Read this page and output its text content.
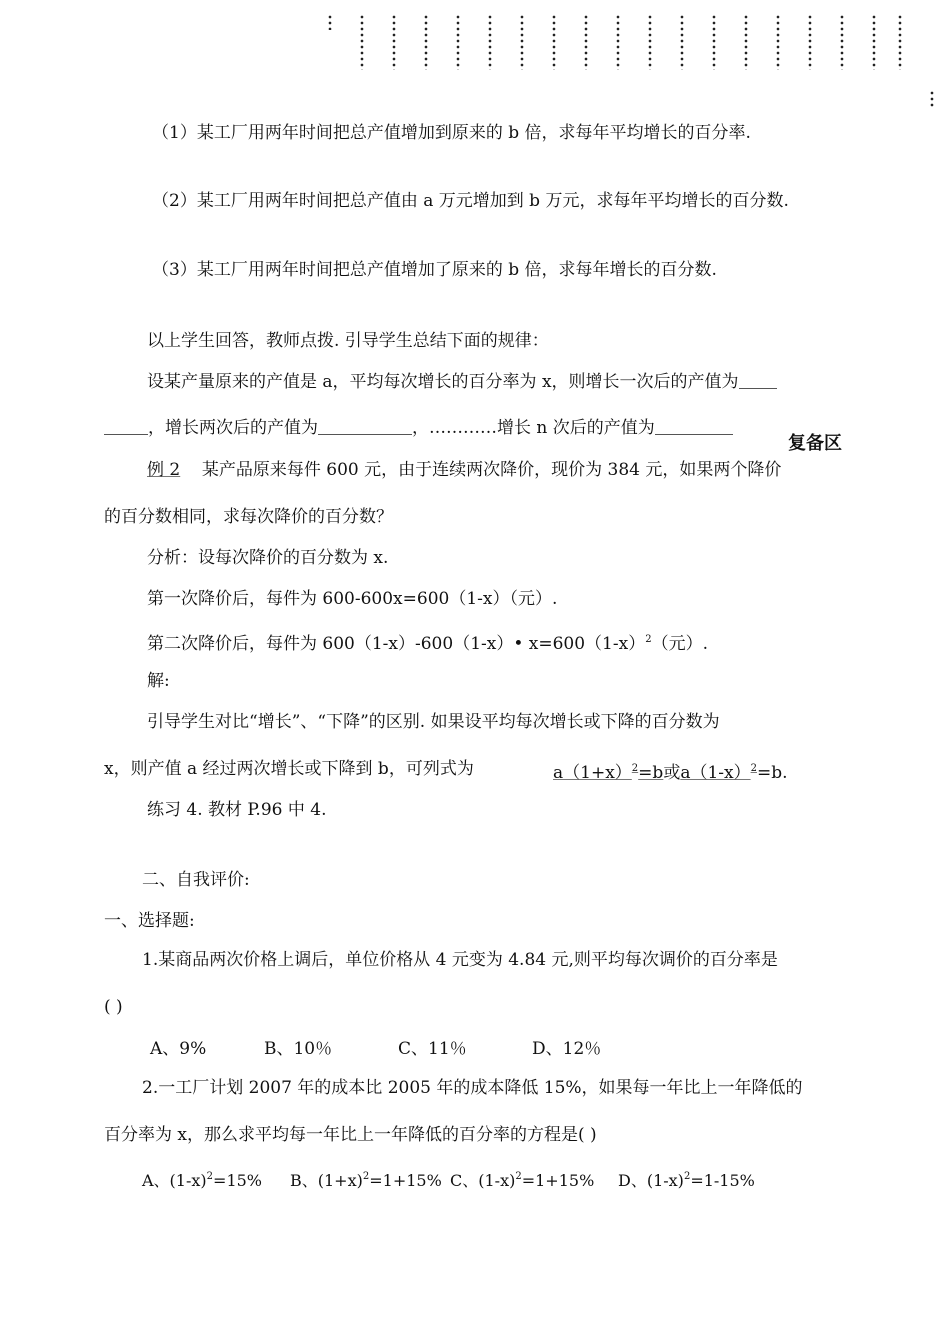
（1）某工厂用两年时间把总产值增加到原来的 b 倍，求每年平均增长的百分率.
（2）某工厂用两年时间把总产值由 a 万元增加到 b 万元，求每年平均增长的百分数.
（3）某工厂用两年时间把总产值增加了原来的 b 倍，求每年增长的百分数.
以上学生回答，教师点拨. 引导学生总结下面的规律：
设某产量原来的产值是 a，平均每次增长的百分率为 x，则增长一次后的产值为
，增长两次后的产值为	，…………增长 n 次后的产值为
复备区
例 2 某产品原来每件 600 元，由于连续两次降价，现价为 384 元，如果两个降价
的百分数相同，求每次降价的百分数？
分析：设每次降价的百分数为 x.
第一次降价后，每件为 600-600x=600（1-x）（元）.
第二次降价后，每件为 600（1-x）-600（1-x）• $x=600(1-x)^2$（元）.
解:
引导学生对比“增长”、“下降”的区别. 如果设平均每次增长或下降的百分数为
x，则产值 a 经过两次增长或下降到 b，可列式为	$a(1+x)^2=b$或$a(1-x)^2=b$.
练习 4. 教材 P.96 中 4.
二、自我评价:
一、选择题:
1.某商品两次价格上调后，单位价格从 4 元变为 4.84 元,则平均每次调价的百分率是
( )
A、9%	B、10％	C、11％	D、12％
2.一工厂计划 2007 年的成本比 2005 年的成本降低 15%，如果每一年比上一年降低的
百分率为 x，那么求平均每一年比上一年降低的百分率的方程是( )
A、$(1-x)^2=15\%$ B、$(1+x)^2=1+15\%$ C、$(1-x)^2=1+15\%$ D、$(1-x)^2=1-15\%$
